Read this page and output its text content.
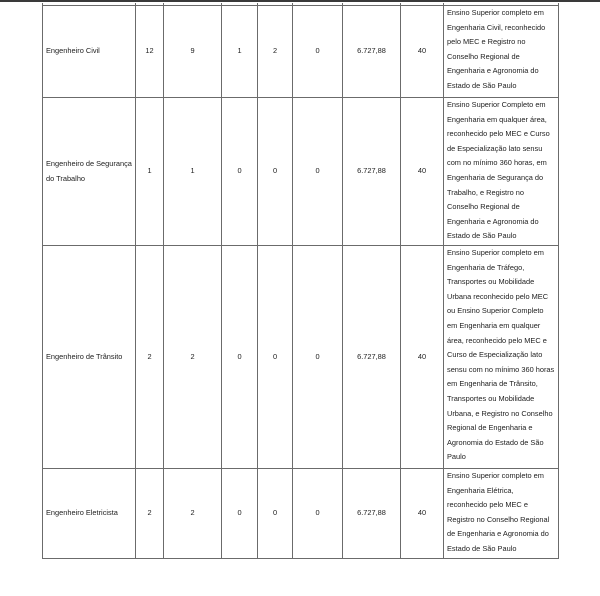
Engenheiro Civil	12	9	1	2	0	6.727,88	40	Ensino Superior completo em Engenharia Civil, reconhecido pelo MEC e Registro no Conselho Regional de Engenharia e Agronomia do Estado de São Paulo
Engenheiro de Segurança do Trabalho	1	1	0	0	0	6.727,88	40	Ensino Superior Completo em Engenharia em qualquer área, reconhecido pelo MEC e Curso de Especialização lato sensu com no mínimo 360 horas, em Engenharia de Segurança do Trabalho, e Registro no Conselho Regional de Engenharia e Agronomia do Estado de São Paulo
Engenheiro de Trânsito	2	2	0	0	0	6.727,88	40	Ensino Superior completo em Engenharia de Tráfego, Transportes ou Mobilidade Urbana reconhecido pelo MEC ou Ensino Superior Completo em Engenharia em qualquer área, reconhecido pelo MEC e Curso de Especialização lato sensu com no mínimo 360 horas em Engenharia de Trânsito, Transportes ou Mobilidade Urbana, e Registro no Conselho Regional de Engenharia e Agronomia do Estado de São Paulo
Engenheiro Eletricista	2	2	0	0	0	6.727,88	40	Ensino Superior completo em Engenharia Elétrica, reconhecido pelo MEC e Registro no Conselho Regional de Engenharia e Agronomia do Estado de São Paulo
